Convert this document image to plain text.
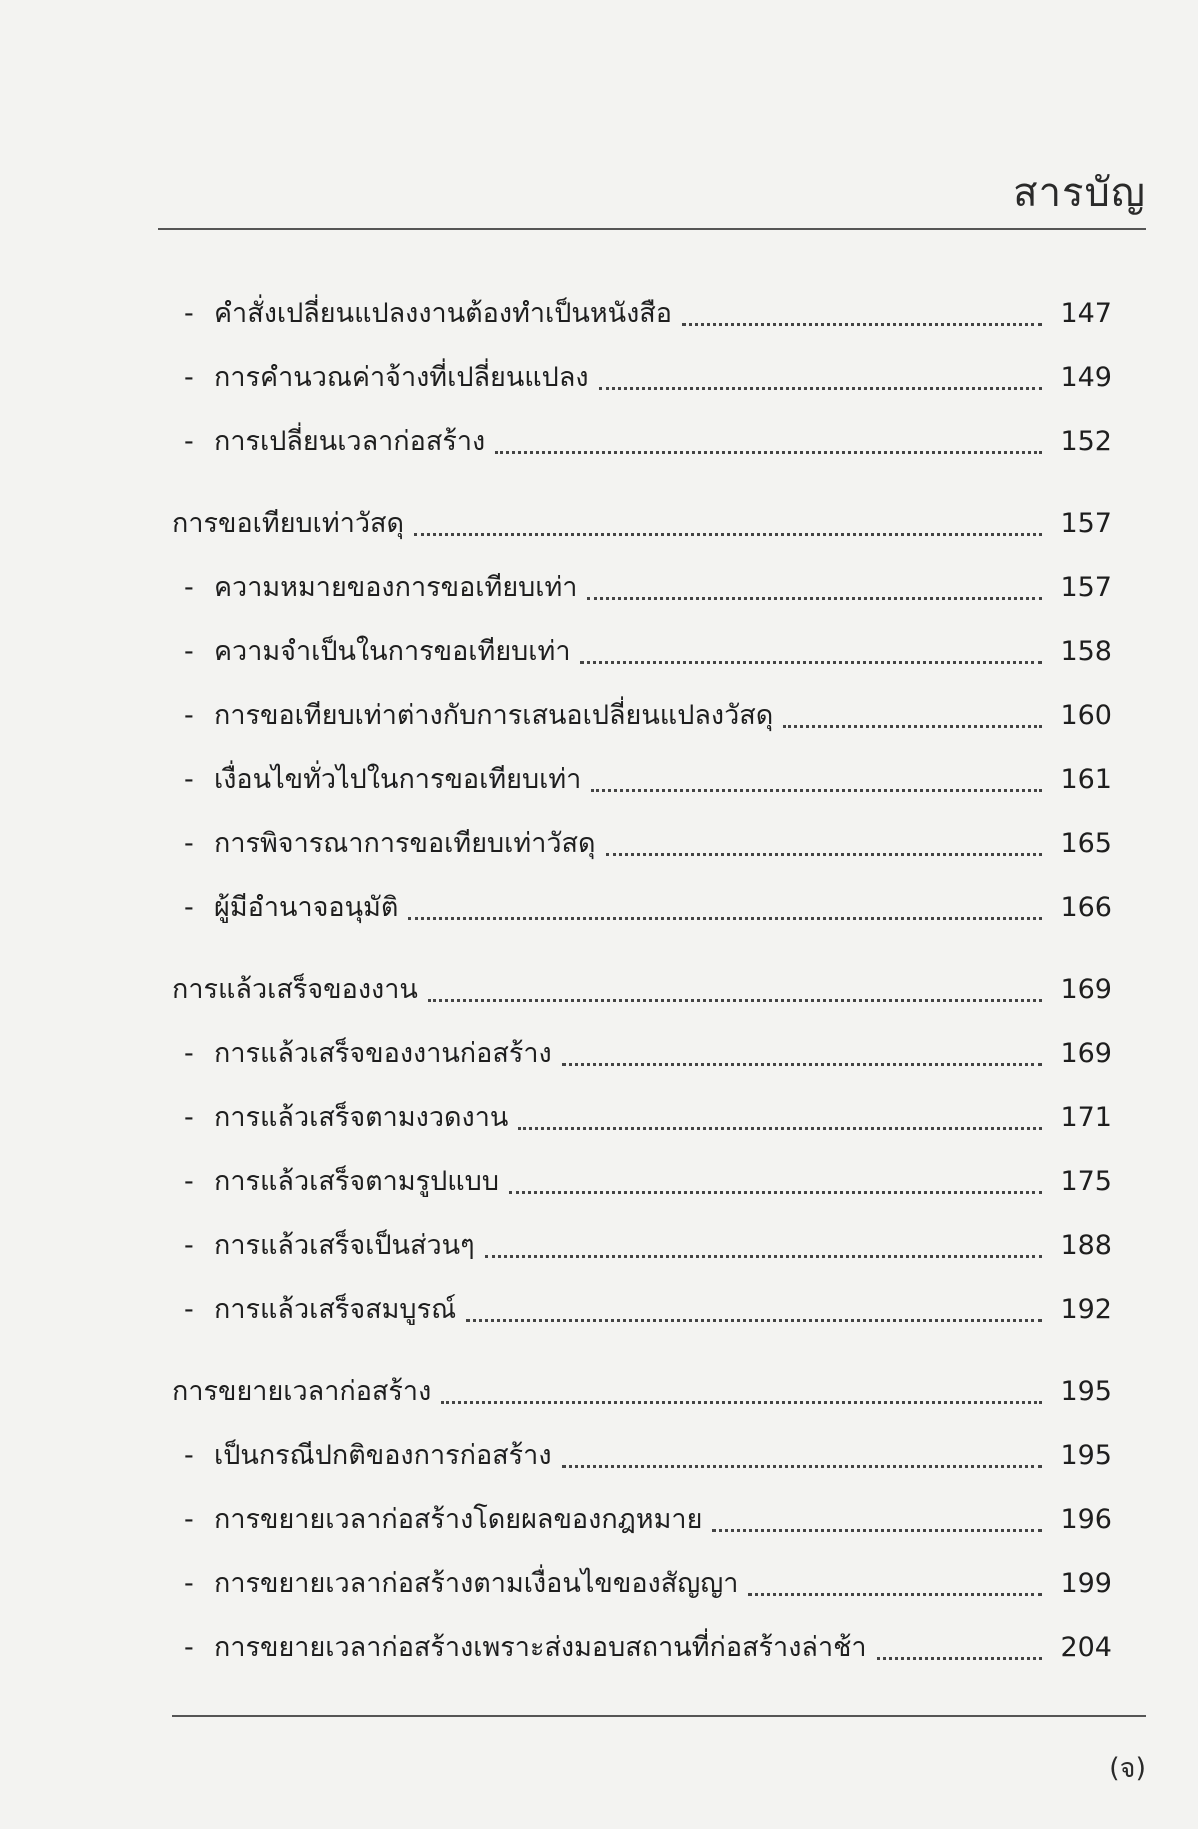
สารบัญ
- คำสั่งเปลี่ยนแปลงงานต้องทำเป็นหนังสือ	147
- การคำนวณค่าจ้างที่เปลี่ยนแปลง	149
- การเปลี่ยนเวลาก่อสร้าง	152
การขอเทียบเท่าวัสดุ	157
- ความหมายของการขอเทียบเท่า	157
- ความจำเป็นในการขอเทียบเท่า	158
- การขอเทียบเท่าต่างกับการเสนอเปลี่ยนแปลงวัสดุ	160
- เงื่อนไขทั่วไปในการขอเทียบเท่า	161
- การพิจารณาการขอเทียบเท่าวัสดุ	165
- ผู้มีอำนาจอนุมัติ	166
การแล้วเสร็จของงาน	169
- การแล้วเสร็จของงานก่อสร้าง	169
- การแล้วเสร็จตามงวดงาน	171
- การแล้วเสร็จตามรูปแบบ	175
- การแล้วเสร็จเป็นส่วนๆ	188
- การแล้วเสร็จสมบูรณ์	192
การขยายเวลาก่อสร้าง	195
- เป็นกรณีปกติของการก่อสร้าง	195
- การขยายเวลาก่อสร้างโดยผลของกฎหมาย	196
- การขยายเวลาก่อสร้างตามเงื่อนไขของสัญญา	199
- การขยายเวลาก่อสร้างเพราะส่งมอบสถานที่ก่อสร้างล่าช้า	204
(จ)
